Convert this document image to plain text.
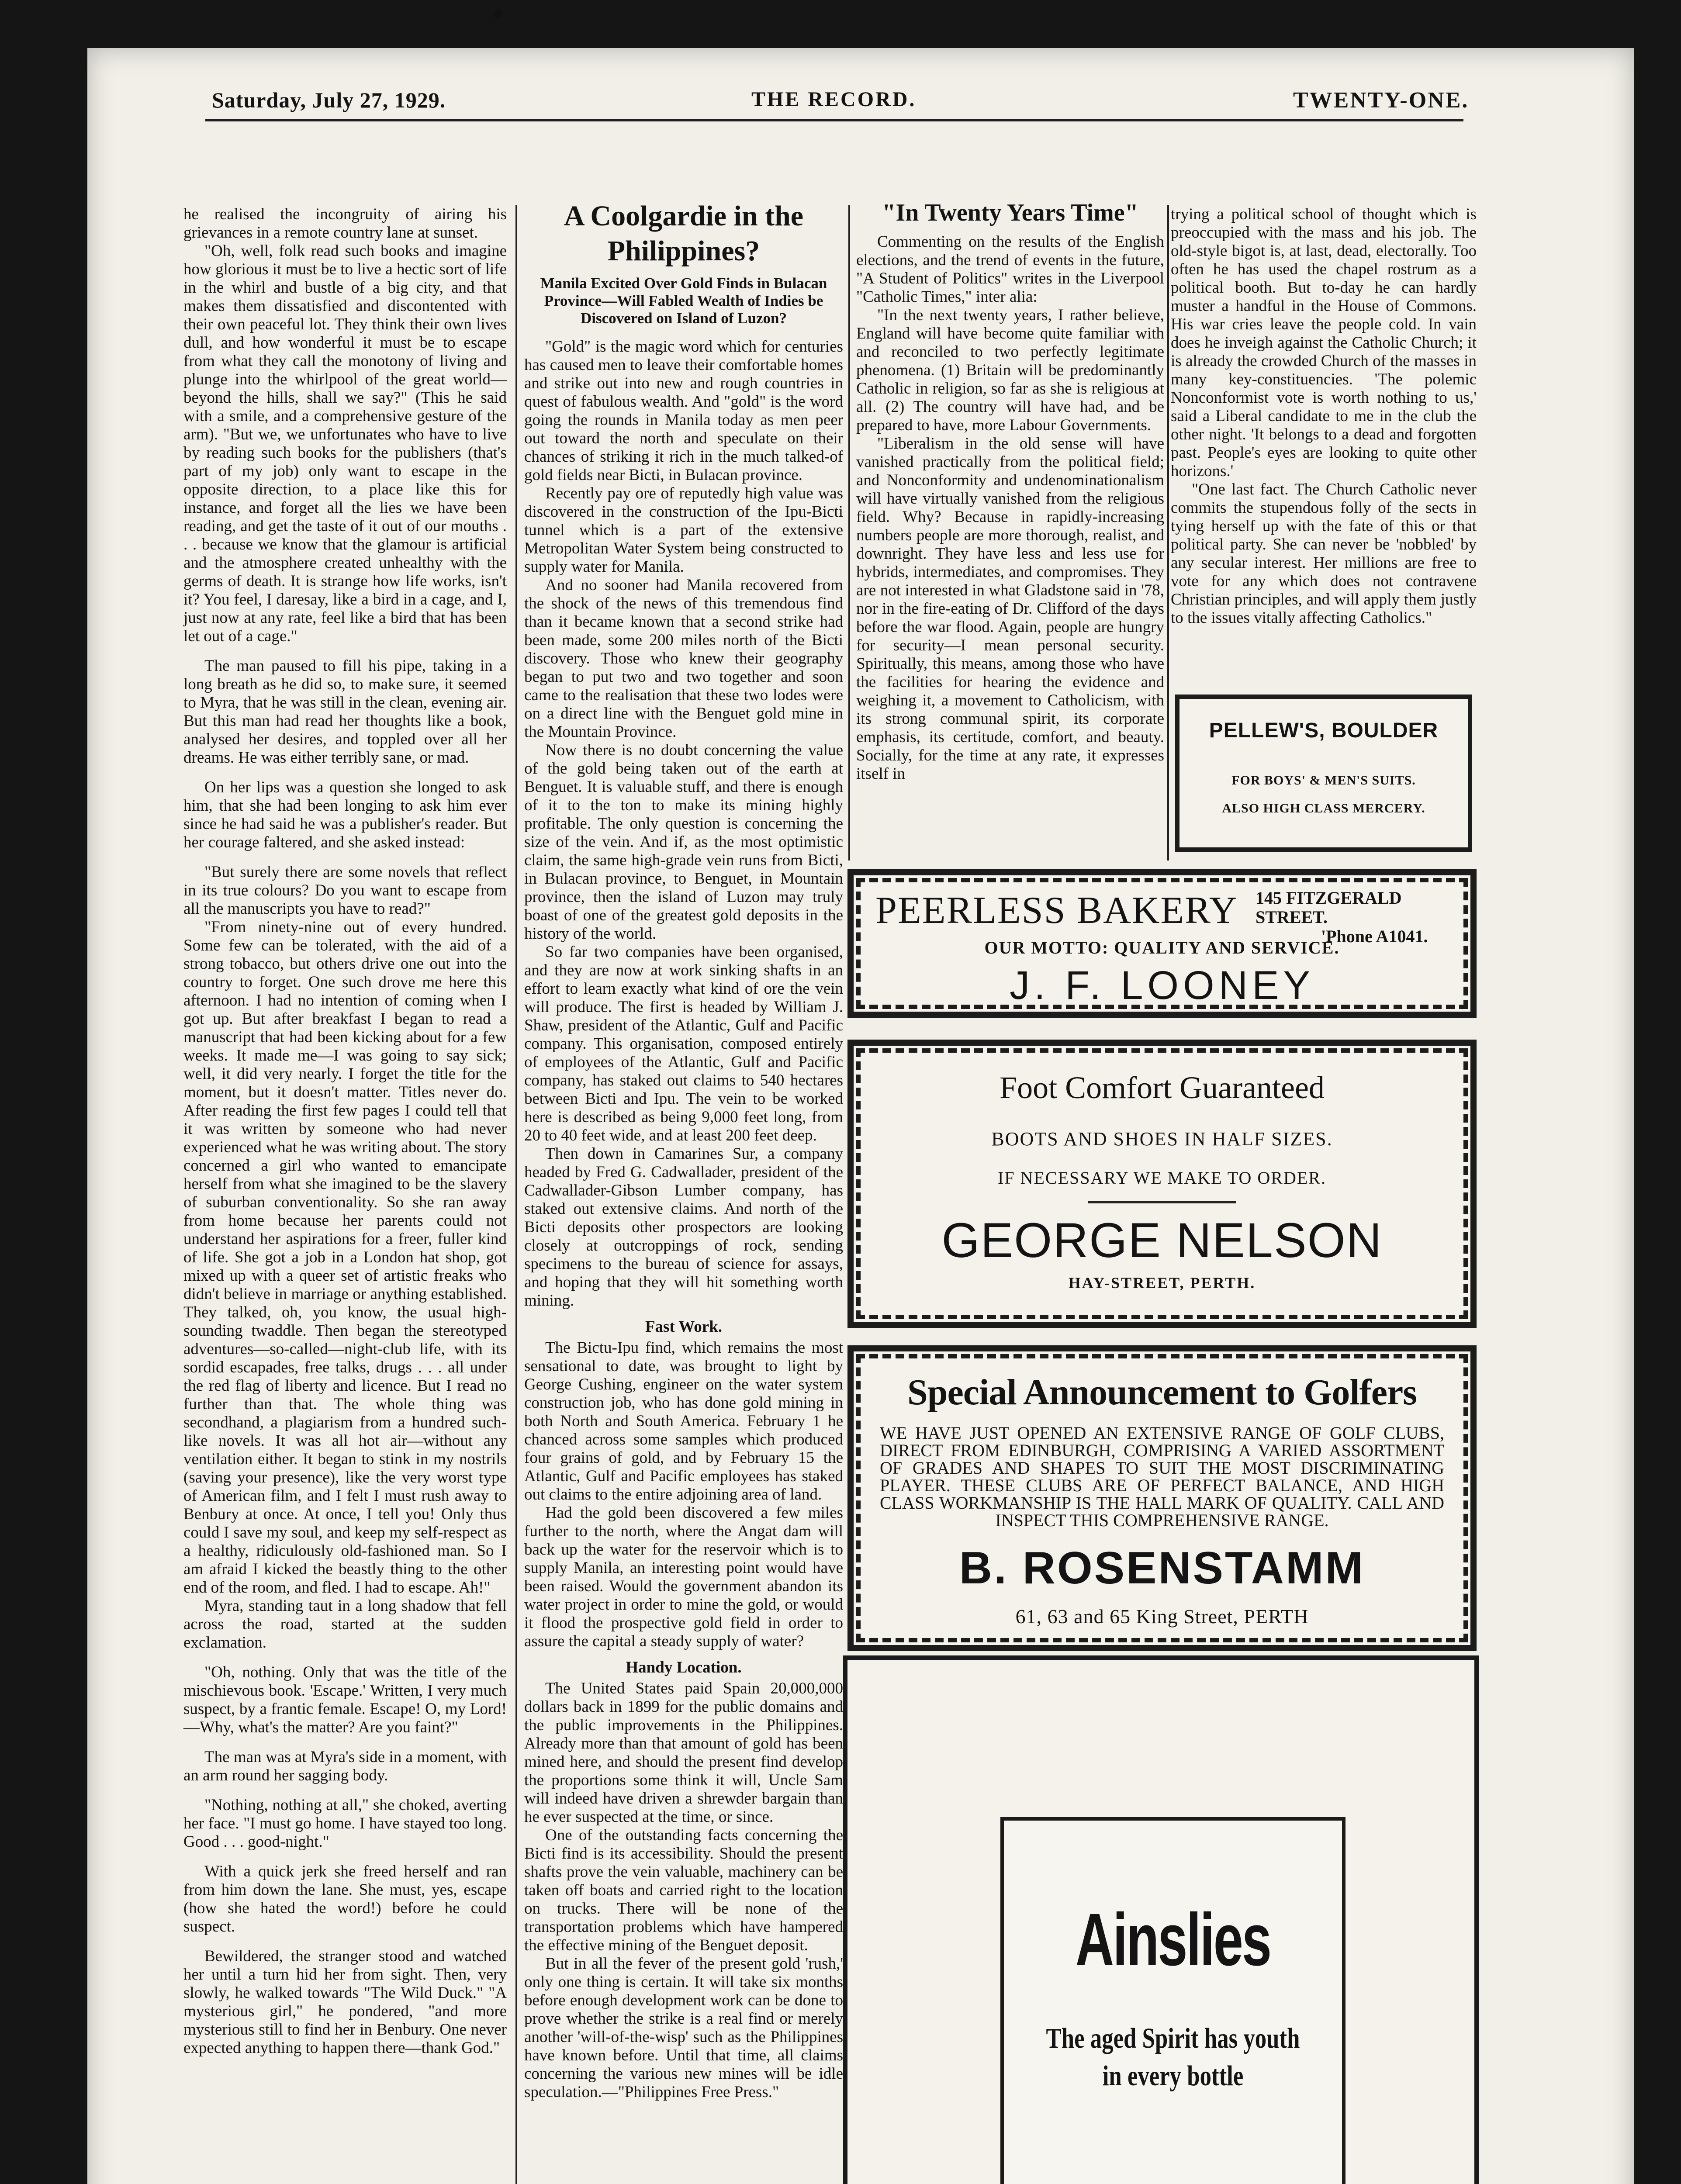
Saturday, July 27, 1929.	THE RECORD.	TWENTY-ONE.

he realised the incongruity of airing his grievances in a remote country lane at sunset.

"Oh, well, folk read such books and imagine how glorious it must be to live a hectic sort of life in the whirl and bustle of a big city, and that makes them dissatisfied and discontented with their own peaceful lot. They think their own lives dull, and how wonderful it must be to escape from what they call the monotony of living and plunge into the whirlpool of the great world—beyond the hills, shall we say?" (This he said with a smile, and a comprehensive gesture of the arm). "But we, we unfortunates who have to live by reading such books for the publishers (that's part of my job) only want to escape in the opposite direction, to a place like this for instance, and forget all the lies we have been reading, and get the taste of it out of our mouths . . . because we know that the glamour is artificial and the atmosphere created unhealthy with the germs of death. It is strange how life works, isn't it? You feel, I daresay, like a bird in a cage, and I, just now at any rate, feel like a bird that has been let out of a cage."

The man paused to fill his pipe, taking in a long breath as he did so, to make sure, it seemed to Myra, that he was still in the clean, evening air. But this man had read her thoughts like a book, analysed her desires, and toppled over all her dreams. He was either terribly sane, or mad.

On her lips was a question she longed to ask him, that she had been longing to ask him ever since he had said he was a publisher's reader. But her courage faltered, and she asked instead:

"But surely there are some novels that reflect in its true colours? Do you want to escape from all the manuscripts you have to read?"

"From ninety-nine out of every hundred. Some few can be tolerated, with the aid of a strong tobacco, but others drive one out into the country to forget. One such drove me here this afternoon. I had no intention of coming when I got up. But after breakfast I began to read a manuscript that had been kicking about for a few weeks. It made me—I was going to say sick; well, it did very nearly. I forget the title for the moment, but it doesn't matter. Titles never do. After reading the first few pages I could tell that it was written by someone who had never experienced what he was writing about. The story concerned a girl who wanted to emancipate herself from what she imagined to be the slavery of suburban conventionality. So she ran away from home because her parents could not understand her aspirations for a freer, fuller kind of life. She got a job in a London hat shop, got mixed up with a queer set of artistic freaks who didn't believe in marriage or anything established. They talked, oh, you know, the usual high-sounding twaddle. Then began the stereotyped adventures—so-called—night-club life, with its sordid escapades, free talks, drugs . . . all under the red flag of liberty and licence. But I read no further than that. The whole thing was secondhand, a plagiarism from a hundred such-like novels. It was all hot air—without any ventilation either. It began to stink in my nostrils (saving your presence), like the very worst type of American film, and I felt I must rush away to Benbury at once. At once, I tell you! Only thus could I save my soul, and keep my self-respect as a healthy, ridiculously old-fashioned man. So I am afraid I kicked the beastly thing to the other end of the room, and fled. I had to escape. Ah!"

Myra, standing taut in a long shadow that fell across the road, started at the sudden exclamation.

"Oh, nothing. Only that was the title of the mischievous book. 'Escape.' Written, I very much suspect, by a frantic female. Escape! O, my Lord!—Why, what's the matter? Are you faint?"

The man was at Myra's side in a moment, with an arm round her sagging body.

"Nothing, nothing at all," she choked, averting her face. "I must go home. I have stayed too long. Good . . . good-night."

With a quick jerk she freed herself and ran from him down the lane. She must, yes, escape (how she hated the word!) before he could suspect.

Bewildered, the stranger stood and watched her until a turn hid her from sight. Then, very slowly, he walked towards "The Wild Duck." "A mysterious girl," he pondered, "and more mysterious still to find her in Benbury. One never expected anything to happen there—thank God."

A Coolgardie in the Philippines?
Manila Excited Over Gold Finds in Bulacan Province—Will Fabled Wealth of Indies be Discovered on Island of Luzon?

"Gold" is the magic word which for centuries has caused men to leave their comfortable homes and strike out into new and rough countries in quest of fabulous wealth. And "gold" is the word going the rounds in Manila today as men peer out toward the north and speculate on their chances of striking it rich in the much talked-of gold fields near Bicti, in Bulacan province.

Recently pay ore of reputedly high value was discovered in the construction of the Ipu-Bicti tunnel which is a part of the extensive Metropolitan Water System being constructed to supply water for Manila.

And no sooner had Manila recovered from the shock of the news of this tremendous find than it became known that a second strike had been made, some 200 miles north of the Bicti discovery. Those who knew their geography began to put two and two together and soon came to the realisation that these two lodes were on a direct line with the Benguet gold mine in the Mountain Province.

Now there is no doubt concerning the value of the gold being taken out of the earth at Benguet. It is valuable stuff, and there is enough of it to the ton to make its mining highly profitable. The only question is concerning the size of the vein. And if, as the most optimistic claim, the same high-grade vein runs from Bicti, in Bulacan province, to Benguet, in Mountain province, then the island of Luzon may truly boast of one of the greatest gold deposits in the history of the world.

So far two companies have been organised, and they are now at work sinking shafts in an effort to learn exactly what kind of ore the vein will produce. The first is headed by William J. Shaw, president of the Atlantic, Gulf and Pacific company. This organisation, composed entirely of employees of the Atlantic, Gulf and Pacific company, has staked out claims to 540 hectares between Bicti and Ipu. The vein to be worked here is described as being 9,000 feet long, from 20 to 40 feet wide, and at least 200 feet deep.

Then down in Camarines Sur, a company headed by Fred G. Cadwallader, president of the Cadwallader-Gibson Lumber company, has staked out extensive claims. And north of the Bicti deposits other prospectors are looking closely at outcroppings of rock, sending specimens to the bureau of science for assays, and hoping that they will hit something worth mining.

Fast Work.

The Bictu-Ipu find, which remains the most sensational to date, was brought to light by George Cushing, engineer on the water system construction job, who has done gold mining in both North and South America. February 1 he chanced across some samples which produced four grains of gold, and by February 15 the Atlantic, Gulf and Pacific employees has staked out claims to the entire adjoining area of land.

Had the gold been discovered a few miles further to the north, where the Angat dam will back up the water for the reservoir which is to supply Manila, an interesting point would have been raised. Would the government abandon its water project in order to mine the gold, or would it flood the prospective gold field in order to assure the capital a steady supply of water?

Handy Location.

The United States paid Spain 20,000,000 dollars back in 1899 for the public domains and the public improvements in the Philippines. Already more than that amount of gold has been mined here, and should the present find develop the proportions some think it will, Uncle Sam will indeed have driven a shrewder bargain than he ever suspected at the time, or since.

One of the outstanding facts concerning the Bicti find is its accessibility. Should the present shafts prove the vein valuable, machinery can be taken off boats and carried right to the location on trucks. There will be none of the transportation problems which have hampered the effective mining of the Benguet deposit.

But in all the fever of the present gold 'rush,' only one thing is certain. It will take six months before enough development work can be done to prove whether the strike is a real find or merely another 'will-of-the-wisp' such as the Philippines have known before. Until that time, all claims concerning the various new mines will be idle speculation.—"Philippines Free Press."

"In Twenty Years Time"

Commenting on the results of the English elections, and the trend of events in the future, "A Student of Politics" writes in the Liverpool "Catholic Times," inter alia:

"In the next twenty years, I rather believe, England will have become quite familiar with and reconciled to two perfectly legitimate phenomena. (1) Britain will be predominantly Catholic in religion, so far as she is religious at all. (2) The country will have had, and be prepared to have, more Labour Governments.

"Liberalism in the old sense will have vanished practically from the political field; and Nonconformity and undenominationalism will have virtually vanished from the religious field. Why? Because in rapidly-increasing numbers people are more thorough, realist, and downright. They have less and less use for hybrids, intermediates, and compromises. They are not interested in what Gladstone said in '78, nor in the fire-eating of Dr. Clifford of the days before the war flood. Again, people are hungry for security—I mean personal security. Spiritually, this means, among those who have the facilities for hearing the evidence and weighing it, a movement to Catholicism, with its strong communal spirit, its corporate emphasis, its certitude, comfort, and beauty. Socially, for the time at any rate, it expresses itself in

trying a political school of thought which is preoccupied with the mass and his job. The old-style bigot is, at last, dead, electorally. Too often he has used the chapel rostrum as a political booth. But to-day he can hardly muster a handful in the House of Commons. His war cries leave the people cold. In vain does he inveigh against the Catholic Church; it is already the crowded Church of the masses in many key-constituencies. 'The polemic Nonconformist vote is worth nothing to us,' said a Liberal candidate to me in the club the other night. 'It belongs to a dead and forgotten past. People's eyes are looking to quite other horizons.'

"One last fact. The Church Catholic never commits the stupendous folly of the sects in tying herself up with the fate of this or that political party. She can never be 'nobbled' by any secular interest. Her millions are free to vote for any which does not contravene Christian principles, and will apply them justly to the issues vitally affecting Catholics."

PELLEW'S, BOULDER
FOR BOYS' & MEN'S SUITS.
ALSO HIGH CLASS MERCERY.
PEERLESS BAKERY 145 FITZGERALD STREET.
'Phone A1041.
OUR MOTTO: QUALITY AND SERVICE.
J. F. LOONEY
Foot Comfort Guaranteed
BOOTS AND SHOES IN HALF SIZES.
IF NECESSARY WE MAKE TO ORDER.
GEORGE NELSON
HAY-STREET, PERTH.
Special Announcement to Golfers
WE HAVE JUST OPENED AN EXTENSIVE RANGE OF GOLF CLUBS, DIRECT FROM EDINBURGH, COMPRISING A VARIED ASSORTMENT OF GRADES AND SHAPES TO SUIT THE MOST DISCRIMINATING PLAYER. THESE CLUBS ARE OF PERFECT BALANCE, AND HIGH CLASS WORKMANSHIP IS THE HALL MARK OF QUALITY. CALL AND INSPECT THIS COMPREHENSIVE RANGE.
B. ROSENSTAMM
61, 63 and 65 King Street, PERTH
Ainslies
The aged Spirit has youth
in every bottle
